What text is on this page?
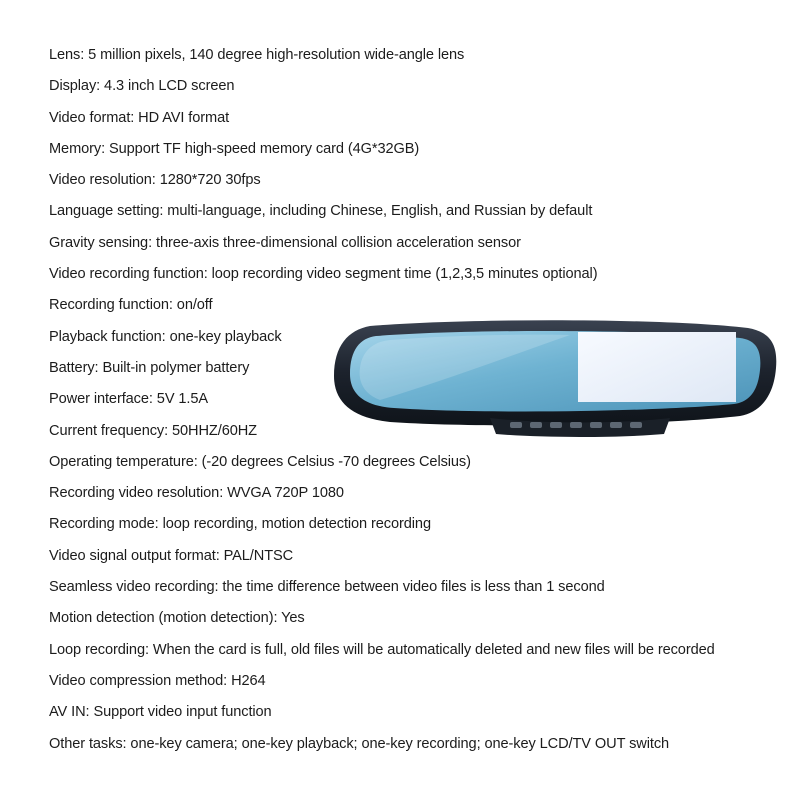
Lens: 5 million pixels, 140 degree high-resolution wide-angle lens
Display: 4.3 inch LCD screen
Video format: HD AVI format
Memory: Support TF high-speed memory card (4G*32GB)
Video resolution: 1280*720 30fps
Language setting: multi-language, including Chinese, English, and Russian by default
Gravity sensing: three-axis three-dimensional collision acceleration sensor
Video recording function: loop recording video segment time (1,2,3,5 minutes optional)
Recording function: on/off
Playback function: one-key playback
Battery: Built-in polymer battery
Power interface: 5V 1.5A
Current frequency: 50HHZ/60HZ
Operating temperature: (-20 degrees Celsius -70 degrees Celsius)
Recording video resolution: WVGA 720P 1080
Recording mode: loop recording, motion detection recording
Video signal output format: PAL/NTSC
Seamless video recording: the time difference between video files is less than 1 second
Motion detection (motion detection): Yes
Loop recording: When the card is full, old files will be automatically deleted and new files will be recorded
Video compression method: H264
AV IN: Support video input function
Other tasks: one-key camera; one-key playback; one-key recording; one-key LCD/TV OUT switch
